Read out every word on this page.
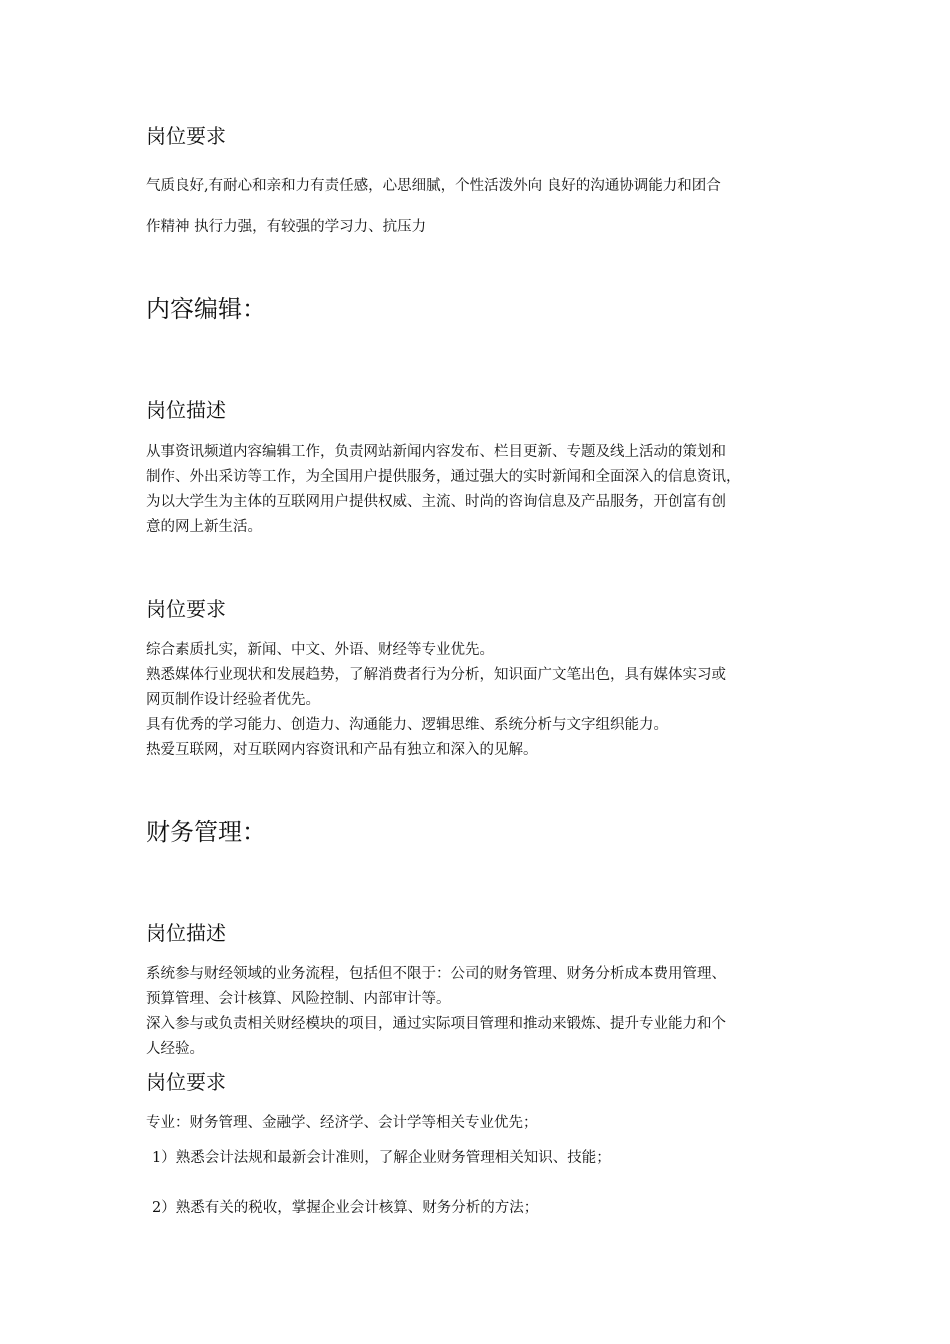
岗位要求
气质良好,有耐心和亲和力有责任感，心思细腻，个性活泼外向 良好的沟通协调能力和团合
作精神 执行力强，有较强的学习力、抗压力
内容编辑：
岗位描述
从事资讯频道内容编辑工作，负责网站新闻内容发布、栏目更新、专题及线上活动的策划和
制作、外出采访等工作，为全国用户提供服务，通过强大的实时新闻和全面深入的信息资讯，
为以大学生为主体的互联网用户提供权威、主流、时尚的咨询信息及产品服务，开创富有创
意的网上新生活。
岗位要求
综合素质扎实，新闻、中文、外语、财经等专业优先。
熟悉媒体行业现状和发展趋势，了解消费者行为分析，知识面广文笔出色，具有媒体实习或
网页制作设计经验者优先。
具有优秀的学习能力、创造力、沟通能力、逻辑思维、系统分析与文字组织能力。
热爱互联网，对互联网内容资讯和产品有独立和深入的见解。
财务管理：
岗位描述
系统参与财经领域的业务流程，包括但不限于：公司的财务管理、财务分析成本费用管理、
预算管理、会计核算、风险控制、内部审计等。
深入参与或负责相关财经模块的项目，通过实际项目管理和推动来锻炼、提升专业能力和个
人经验。
岗位要求
专业：财务管理、金融学、经济学、会计学等相关专业优先；
1）熟悉会计法规和最新会计准则，了解企业财务管理相关知识、技能；
2）熟悉有关的税收，掌握企业会计核算、财务分析的方法；
